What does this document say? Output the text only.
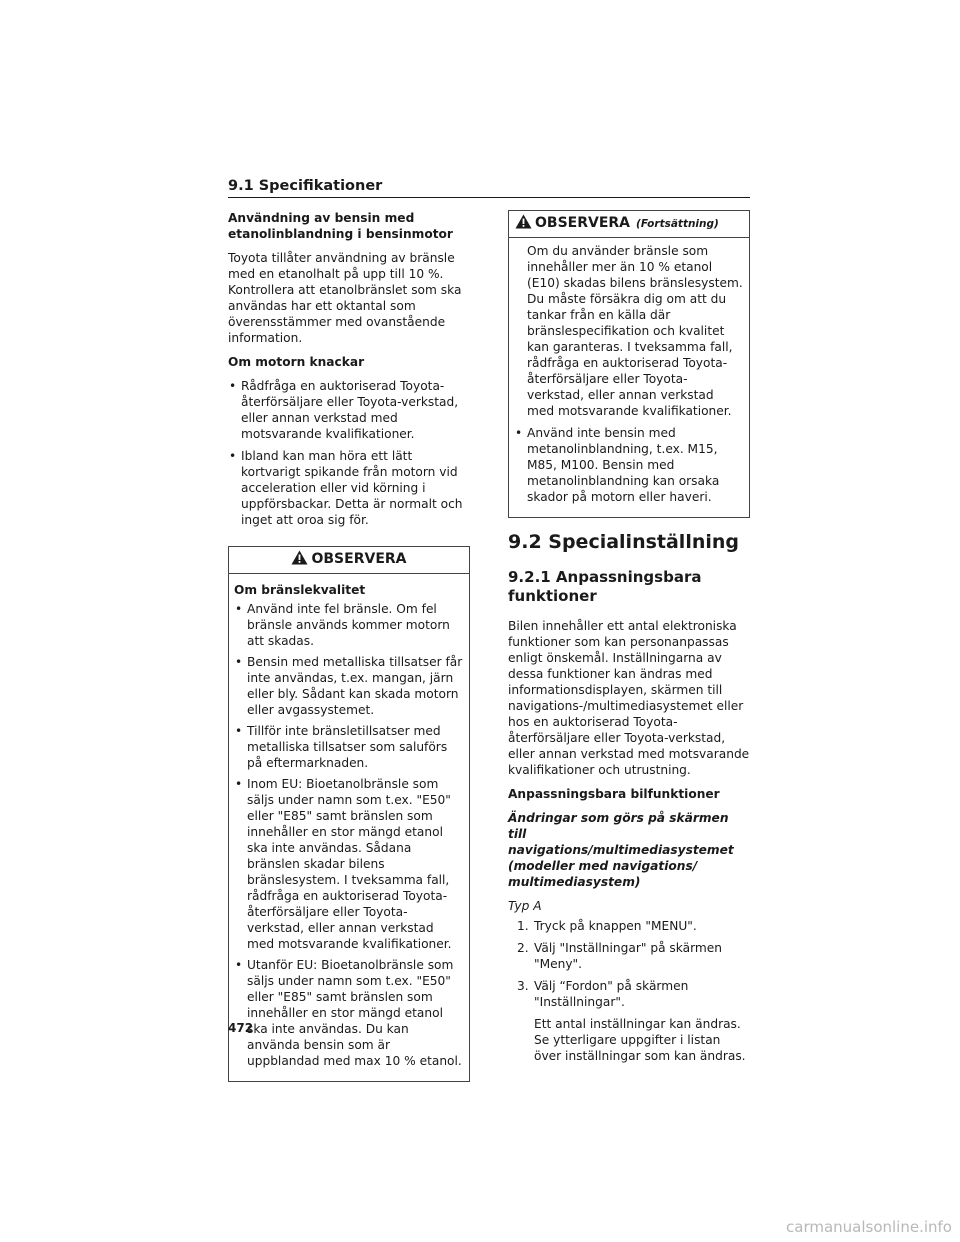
9.1 Specifikationer

Användning av bensin med etanolinblandning i bensinmotor

Toyota tillåter användning av bränsle med en etanolhalt på upp till 10 %. Kontrollera att etanolbränslet som ska användas har ett oktantal som överensstämmer med ovanstående information.

Om motorn knackar

• Rådfråga en auktoriserad Toyota-återförsäljare eller Toyota-verkstad, eller annan verkstad med motsvarande kvalifikationer.
• Ibland kan man höra ett lätt kortvarigt spikande från motorn vid acceleration eller vid körning i uppförsbackar. Detta är normalt och inget att oroa sig för.
OBSERVERA

Om bränslekvalitet

• Använd inte fel bränsle. Om fel bränsle används kommer motorn att skadas.
• Bensin med metalliska tillsatser får inte användas, t.ex. mangan, järn eller bly. Sådant kan skada motorn eller avgassystemet.
• Tillför inte bränsletillsatser med metalliska tillsatser som saluförs på eftermarknaden.
• Inom EU: Bioetanolbränsle som säljs under namn som t.ex. "E50" eller "E85" samt bränslen som innehåller en stor mängd etanol ska inte användas. Sådana bränslen skadar bilens bränslesystem. I tveksamma fall, rådfråga en auktoriserad Toyota-återförsäljare eller Toyota-verkstad, eller annan verkstad med motsvarande kvalifikationer.
• Utanför EU: Bioetanolbränsle som säljs under namn som t.ex. "E50" eller "E85" samt bränslen som innehåller en stor mängd etanol ska inte användas. Du kan använda bensin som är uppblandad med max 10 % etanol.
OBSERVERA (Fortsättning)

Om du använder bränsle som innehåller mer än 10 % etanol (E10) skadas bilens bränslesystem. Du måste försäkra dig om att du tankar från en källa där bränslespecifikation och kvalitet kan garanteras. I tveksamma fall, rådfråga en auktoriserad Toyota-återförsäljare eller Toyota-verkstad, eller annan verkstad med motsvarande kvalifikationer.

• Använd inte bensin med metanolinblandning, t.ex. M15, M85, M100. Bensin med metanolinblandning kan orsaka skador på motorn eller haveri.
9.2 Specialinställning
9.2.1 Anpassningsbara funktioner

Bilen innehåller ett antal elektroniska funktioner som kan personanpassas enligt önskemål. Inställningarna av dessa funktioner kan ändras med informationsdisplayen, skärmen till navigations-/multimediasystemet eller hos en auktoriserad Toyota-återförsäljare eller Toyota-verkstad, eller annan verkstad med motsvarande kvalifikationer och utrustning.

Anpassningsbara bilfunktioner

Ändringar som görs på skärmen till navigations/multimediasystemet (modeller med navigations/ multimediasystem)

Typ A

1. Tryck på knappen "MENU".
2. Välj "Inställningar" på skärmen "Meny".
3. Välj “Fordon" på skärmen "Inställningar".

Ett antal inställningar kan ändras. Se ytterligare uppgifter i listan över inställningar som kan ändras.

472
carmanualsonline.info
